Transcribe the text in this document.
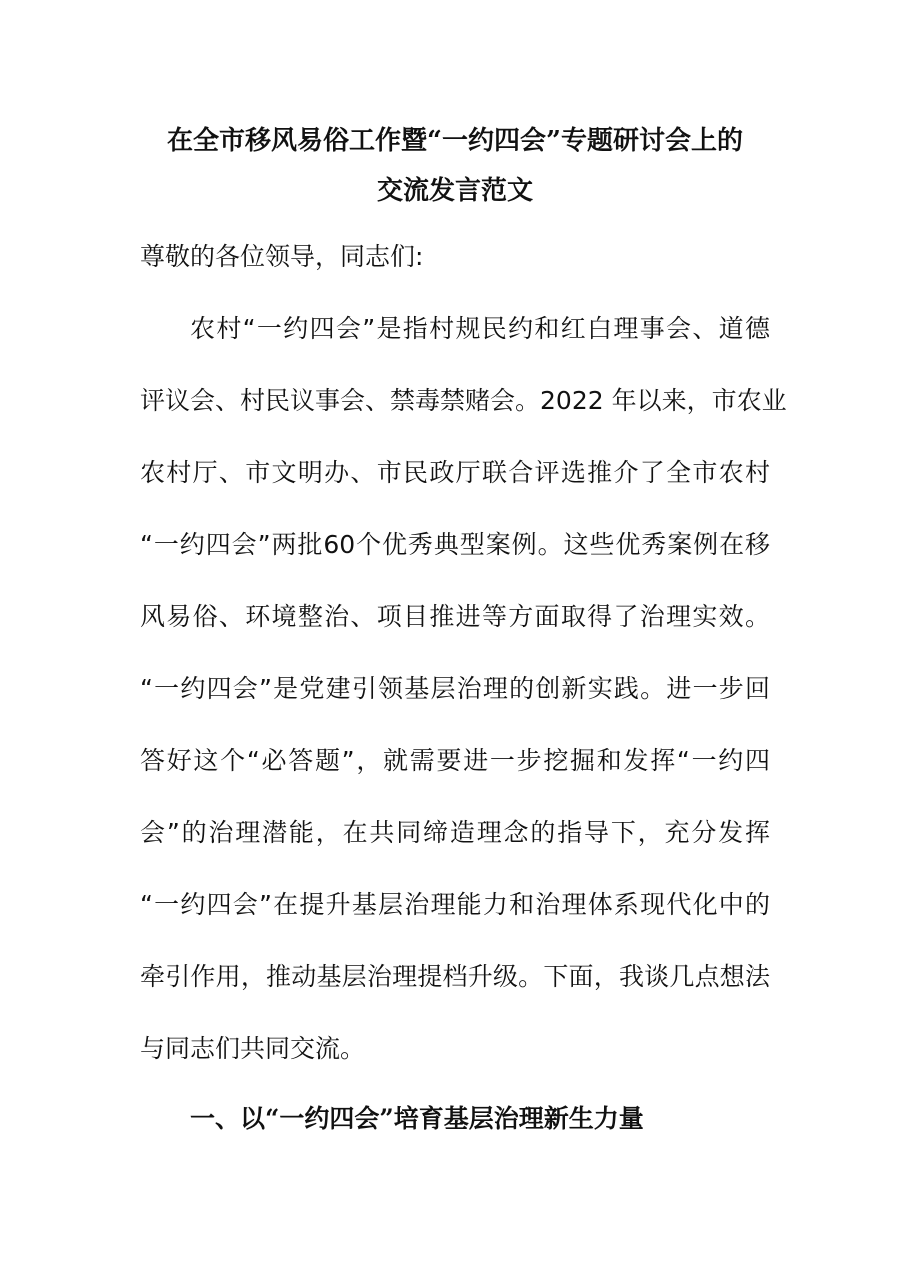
在全市移风易俗工作暨“一约四会”专题研讨会上的
交流发言范文
尊敬的各位领导，同志们:
农村“一约四会”是指村规民约和红白理事会、道德
评议会、村民议事会、禁毒禁赌会。2022 年以来，市农业
农村厅、市文明办、市民政厅联合评选推介了全市农村
“一约四会”两批60个优秀典型案例。这些优秀案例在移
风易俗、环境整治、项目推进等方面取得了治理实效。
“一约四会”是党建引领基层治理的创新实践。进一步回
答好这个“必答题”，就需要进一步挖掘和发挥“一约四
会”的治理潜能，在共同缔造理念的指导下，充分发挥
“一约四会”在提升基层治理能力和治理体系现代化中的
牵引作用，推动基层治理提档升级。下面，我谈几点想法
与同志们共同交流。
一、以“一约四会”培育基层治理新生力量
